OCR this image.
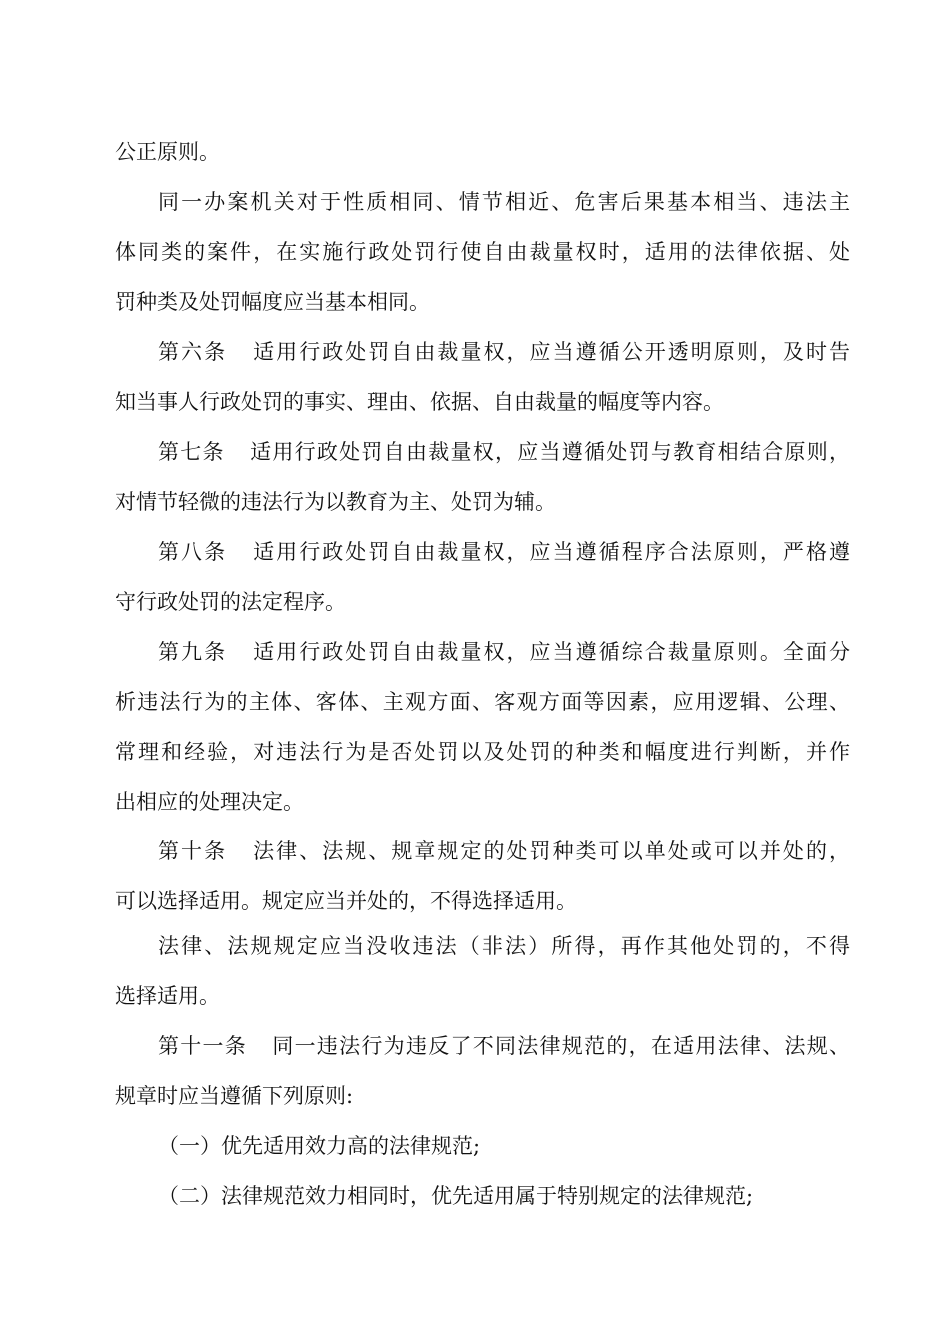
公正原则。
同一办案机关对于性质相同、情节相近、危害后果基本相当、违法主
体同类的案件，在实施行政处罚行使自由裁量权时，适用的法律依据、处
罚种类及处罚幅度应当基本相同。
第六条 适用行政处罚自由裁量权，应当遵循公开透明原则，及时告
知当事人行政处罚的事实、理由、依据、自由裁量的幅度等内容。
第七条 适用行政处罚自由裁量权，应当遵循处罚与教育相结合原则，
对情节轻微的违法行为以教育为主、处罚为辅。
第八条 适用行政处罚自由裁量权，应当遵循程序合法原则，严格遵
守行政处罚的法定程序。
第九条 适用行政处罚自由裁量权，应当遵循综合裁量原则。全面分
析违法行为的主体、客体、主观方面、客观方面等因素，应用逻辑、公理、
常理和经验，对违法行为是否处罚以及处罚的种类和幅度进行判断，并作
出相应的处理决定。
第十条 法律、法规、规章规定的处罚种类可以单处或可以并处的，
可以选择适用。规定应当并处的，不得选择适用。
法律、法规规定应当没收违法（非法）所得，再作其他处罚的，不得
选择适用。
第十一条 同一违法行为违反了不同法律规范的，在适用法律、法规、
规章时应当遵循下列原则:
（一）优先适用效力高的法律规范;
（二）法律规范效力相同时，优先适用属于特别规定的法律规范;
